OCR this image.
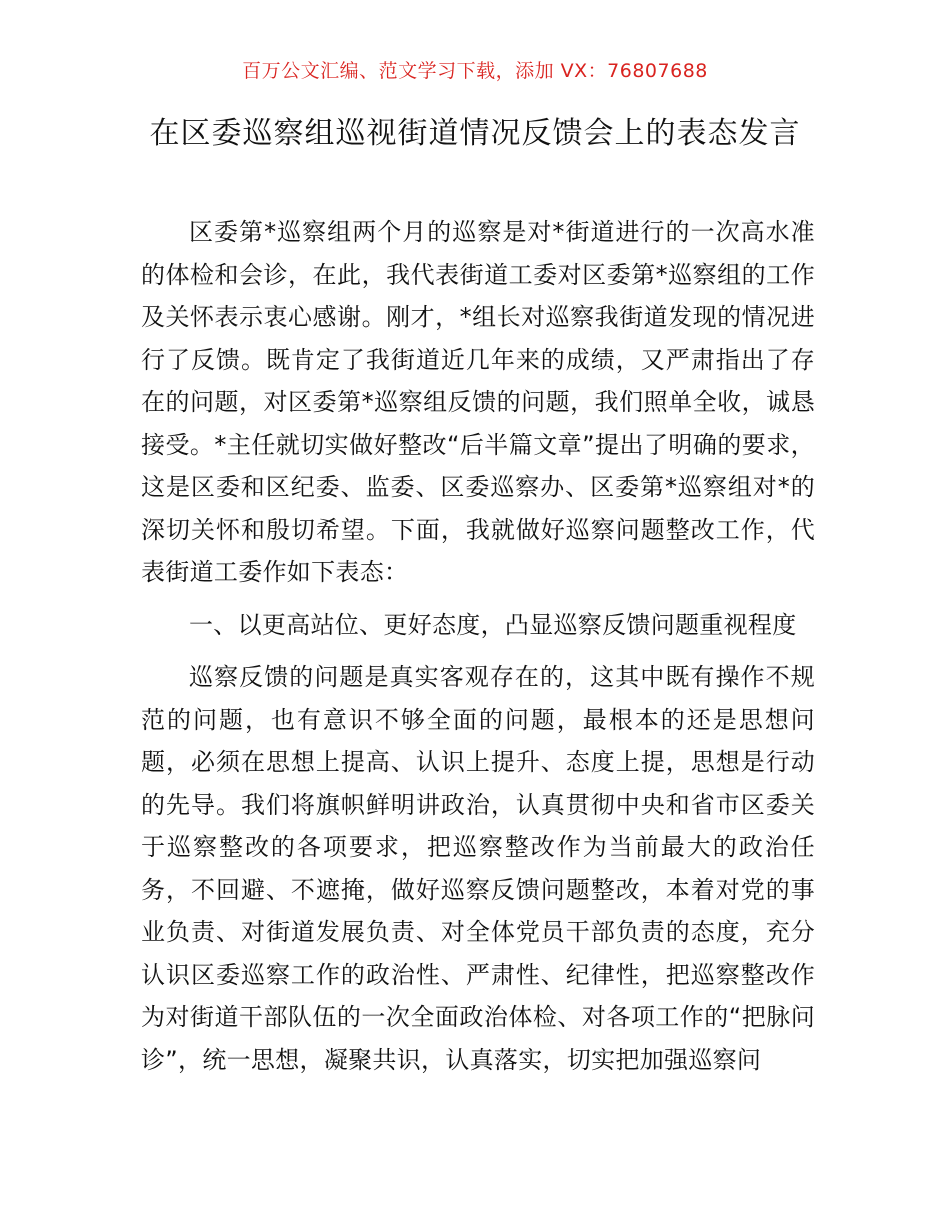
百万公文汇编、范文学习下载，添加 VX：76807688
在区委巡察组巡视街道情况反馈会上的表态发言

区委第*巡察组两个月的巡察是对*街道进行的一次高水准的体检和会诊，在此，我代表街道工委对区委第*巡察组的工作及关怀表示衷心感谢。刚才，*组长对巡察我街道发现的情况进行了反馈。既肯定了我街道近几年来的成绩，又严肃指出了存在的问题，对区委第*巡察组反馈的问题，我们照单全收，诚恳接受。*主任就切实做好整改“后半篇文章”提出了明确的要求，这是区委和区纪委、监委、区委巡察办、区委第*巡察组对*的深切关怀和殷切希望。下面，我就做好巡察问题整改工作，代表街道工委作如下表态：

一、以更高站位、更好态度，凸显巡察反馈问题重视程度

巡察反馈的问题是真实客观存在的，这其中既有操作不规范的问题，也有意识不够全面的问题，最根本的还是思想问题，必须在思想上提高、认识上提升、态度上提，思想是行动的先导。我们将旗帜鲜明讲政治，认真贯彻中央和省市区委关于巡察整改的各项要求，把巡察整改作为当前最大的政治任务，不回避、不遮掩，做好巡察反馈问题整改，本着对党的事业负责、对街道发展负责、对全体党员干部负责的态度，充分认识区委巡察工作的政治性、严肃性、纪律性，把巡察整改作为对街道干部队伍的一次全面政治体检、对各项工作的“把脉问诊”，统一思想，凝聚共识，认真落实，切实把加强巡察问
